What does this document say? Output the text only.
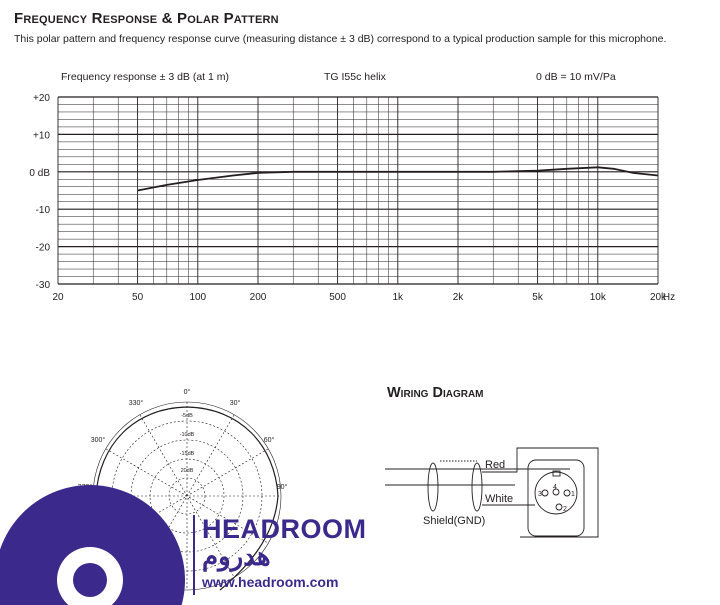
Frequency Response & Polar Pattern
This polar pattern and frequency response curve (measuring distance ± 3 dB) correspond to a typical production sample for this microphone.
Frequency response ± 3 dB (at 1 m)	TG I55c helix	0 dB = 10 mV/Pa
20	50	100	200	500	1k	2k	5k	10k	20k
Hz
+20
+10
0 dB
-10
-20
-30
0°
30°
60°
90°
300°
330°
-5dB
-10dB
-15dB
20dB
Wiring Diagram
Red
White
Shield(GND)
3
4
1
2
HEADROOM
هدروم
www.headroom.com
